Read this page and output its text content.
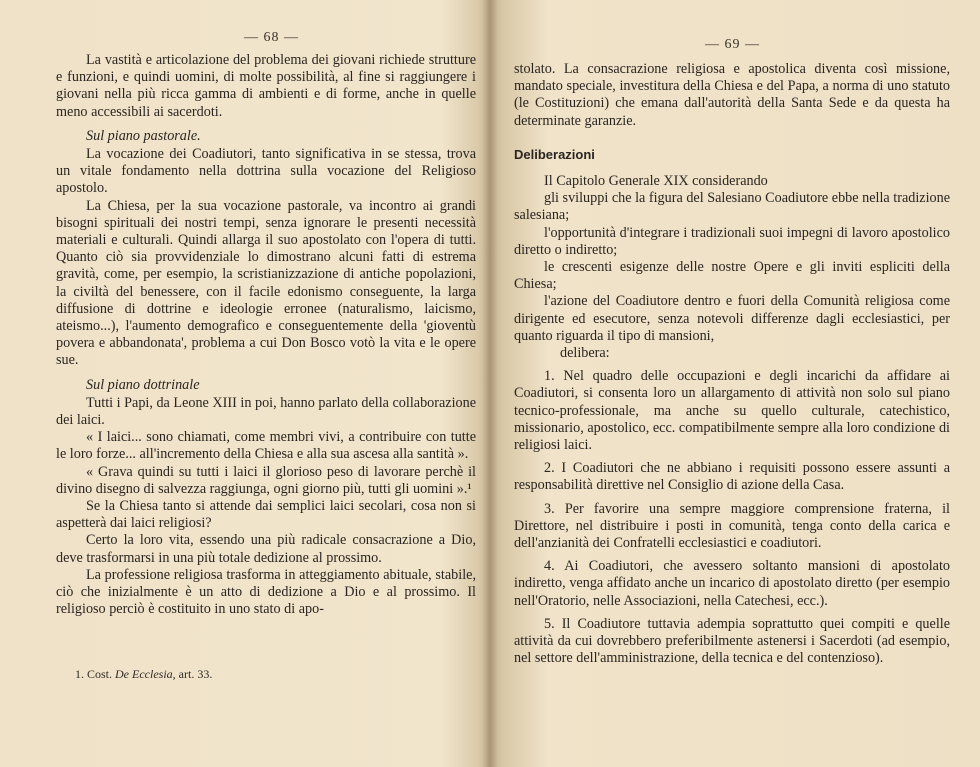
— 68 —

La vastità e articolazione del problema dei giovani richiede strutture e funzioni, e quindi uomini, di molte possibilità, al fine si raggiungere i giovani nella più ricca gamma di ambienti e di forme, anche in quelle meno accessibili ai sacerdoti.

Sul piano pastorale.

La vocazione dei Coadiutori, tanto significativa in se stessa, trova un vitale fondamento nella dottrina sulla vocazione del Religioso apostolo.

La Chiesa, per la sua vocazione pastorale, va incontro ai grandi bisogni spirituali dei nostri tempi, senza ignorare le presenti necessità materiali e culturali. Quindi allarga il suo apostolato con l'opera di tutti. Quanto ciò sia provvidenziale lo dimostrano alcuni fatti di estrema gravità, come, per esempio, la scristianizzazione di antiche popolazioni, la civiltà del benessere, con il facile edonismo conseguente, la larga diffusione di dottrine e ideologie erronee (naturalismo, laicismo, ateismo...), l'aumento demografico e conseguentemente della 'gioventù povera e abbandonata', problema a cui Don Bosco votò la vita e le opere sue.

Sul piano dottrinale

Tutti i Papi, da Leone XIII in poi, hanno parlato della collaborazione dei laici.

« I laici... sono chiamati, come membri vivi, a contribuire con tutte le loro forze... all'incremento della Chiesa e alla sua ascesa alla santità ».

« Grava quindi su tutti i laici il glorioso peso di lavorare perchè il divino disegno di salvezza raggiunga, ogni giorno più, tutti gli uomini ».¹

Se la Chiesa tanto si attende dai semplici laici secolari, cosa non si aspetterà dai laici religiosi?

Certo la loro vita, essendo una più radicale consacrazione a Dio, deve trasformarsi in una più totale dedizione al prossimo.

La professione religiosa trasforma in atteggiamento abituale, stabile, ciò che inizialmente è un atto di dedizione a Dio e al prossimo. Il religioso perciò è costituito in uno stato di apo-

1. Cost. De Ecclesia, art. 33.
— 69 —

stolato. La consacrazione religiosa e apostolica diventa così missione, mandato speciale, investitura della Chiesa e del Papa, a norma di uno statuto (le Costituzioni) che emana dall'autorità della Santa Sede e da questa ha determinate garanzie.

Deliberazioni

Il Capitolo Generale XIX considerando

gli sviluppi che la figura del Salesiano Coadiutore ebbe nella tradizione salesiana;

l'opportunità d'integrare i tradizionali suoi impegni di lavoro apostolico diretto o indiretto;

le crescenti esigenze delle nostre Opere e gli inviti espliciti della Chiesa;

l'azione del Coadiutore dentro e fuori della Comunità religiosa come dirigente ed esecutore, senza notevoli differenze dagli ecclesiastici, per quanto riguarda il tipo di mansioni,

delibera:

1. Nel quadro delle occupazioni e degli incarichi da affidare ai Coadiutori, si consenta loro un allargamento di attività non solo sul piano tecnico-professionale, ma anche su quello culturale, catechistico, missionario, apostolico, ecc. compatibilmente sempre alla loro condizione di religiosi laici.

2. I Coadiutori che ne abbiano i requisiti possono essere assunti a responsabilità direttive nel Consiglio di azione della Casa.

3. Per favorire una sempre maggiore comprensione fraterna, il Direttore, nel distribuire i posti in comunità, tenga conto della carica e dell'anzianità dei Confratelli ecclesiastici e coadiutori.

4. Ai Coadiutori, che avessero soltanto mansioni di apostolato indiretto, venga affidato anche un incarico di apostolato diretto (per esempio nell'Oratorio, nelle Associazioni, nella Catechesi, ecc.).

5. Il Coadiutore tuttavia adempia soprattutto quei compiti e quelle attività da cui dovrebbero preferibilmente astenersi i Sacerdoti (ad esempio, nel settore dell'amministrazione, della tecnica e del contenzioso).
